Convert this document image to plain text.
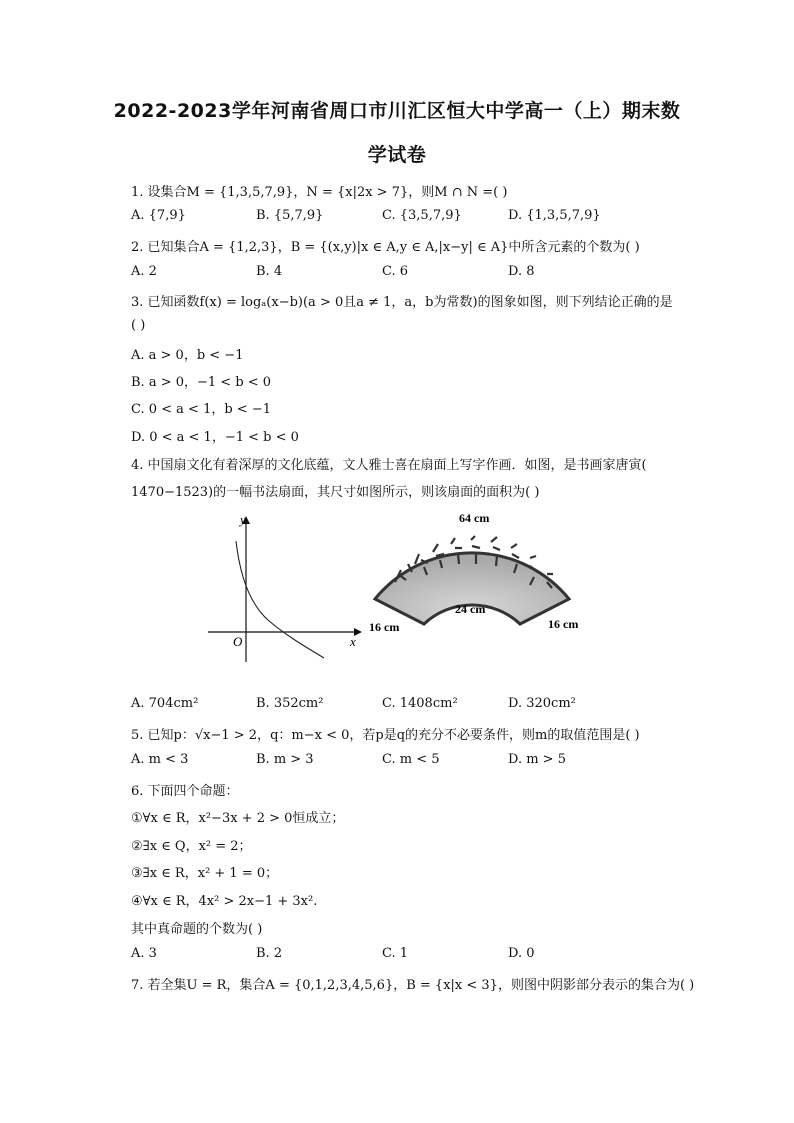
2022-2023学年河南省周口市川汇区恒大中学高一（上）期末数
学试卷
1. 设集合M = {1,3,5,7,9}，N = {x|2x > 7}，则M ∩ N =( )
A. {7,9}	B. {5,7,9}	C. {3,5,7,9}	D. {1,3,5,7,9}
2. 已知集合A = {1,2,3}，B = {(x,y)|x ∈ A,y ∈ A,|x−y| ∈ A}中所含元素的个数为( )
A. 2	B. 4	C. 6	D. 8
3. 已知函数f(x) = logₐ(x−b)(a > 0且a ≠ 1，a，b为常数)的图象如图，则下列结论正确的是
( )
A. a > 0，b < −1
B. a > 0，−1 < b < 0
C. 0 < a < 1，b < −1
D. 0 < a < 1，−1 < b < 0
4. 中国扇文化有着深厚的文化底蕴，文人雅士喜在扇面上写字作画．如图，是书画家唐寅(
1470−1523)的一幅书法扇面，其尺寸如图所示，则该扇面的面积为( )
y
x
O
64 cm
24 cm
16 cm	16 cm
A. 704cm²	B. 352cm²	C. 1408cm²	D. 320cm²
5. 已知p：√x−1 > 2，q：m−x < 0，若p是q的充分不必要条件，则m的取值范围是( )
A. m < 3	B. m > 3	C. m < 5	D. m > 5
6. 下面四个命题：
①∀x ∈ R，x²−3x + 2 > 0恒成立；
②∃x ∈ Q，x² = 2；
③∃x ∈ R，x² + 1 = 0；
④∀x ∈ R，4x² > 2x−1 + 3x².
其中真命题的个数为( )
A. 3	B. 2	C. 1	D. 0
7. 若全集U = R，集合A = {0,1,2,3,4,5,6}，B = {x|x < 3}，则图中阴影部分表示的集合为( )
